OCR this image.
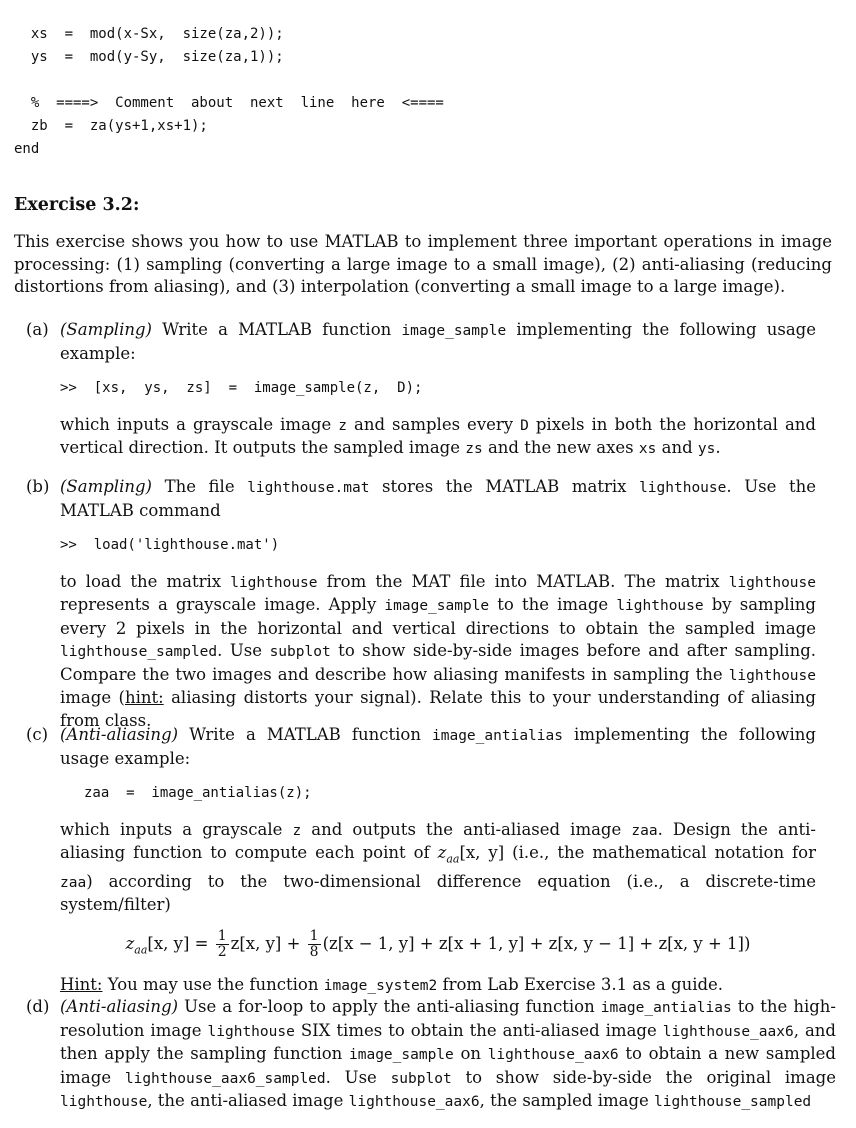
xs  =  mod(x-Sx,  size(za,2));
ys  =  mod(y-Sy,  size(za,1));

%  ====>  Comment  about  next  line  here  <====
zb  =  za(ys+1,xs+1);
end
Exercise 3.2:
This exercise shows you how to use MATLAB to implement three important operations in image processing: (1) sampling (converting a large image to a small image), (2) anti-aliasing (reducing distortions from aliasing), and (3) interpolation (converting a small image to a large image).
(a) (Sampling) Write a MATLAB function image_sample implementing the following usage example:

>>  [xs,  ys,  zs]  =  image_sample(z,  D);

which inputs a grayscale image z and samples every D pixels in both the horizontal and vertical direction. It outputs the sampled image zs and the new axes xs and ys.

(b) (Sampling) The file lighthouse.mat stores the MATLAB matrix lighthouse. Use the MATLAB command

>>  load('lighthouse.mat')

to load the matrix lighthouse from the MAT file into MATLAB. The matrix lighthouse represents a grayscale image. Apply image_sample to the image lighthouse by sampling every 2 pixels in the horizontal and vertical directions to obtain the sampled image lighthouse_sampled. Use subplot to show side-by-side images before and after sampling. Compare the two images and describe how aliasing manifests in sampling the lighthouse image (hint: aliasing distorts your signal). Relate this to your understanding of aliasing from class.

(c) (Anti-aliasing) Write a MATLAB function image_antialias implementing the following usage example:

zaa  =  image_antialias(z);

which inputs a grayscale z and outputs the anti-aliased image zaa. Design the anti-aliasing function to compute each point of $z_{aa}[x$, y] (i.e., the mathematical notation for zaa) according to the two-dimensional difference equation (i.e., a discrete-time system/filter)

$z_{aa}[x$, $y] = \frac{1}{2} z[x$, $y] + \frac{1}{8} (z[x - 1$, y] + z[x + 1, y] + z[x, y − 1] + z[x, y + 1])

Hint: You may use the function image_system2 from Lab Exercise 3.1 as a guide.

(d) (Anti-aliasing) Use a for-loop to apply the anti-aliasing function image_antialias to the high-resolution image lighthouse SIX times to obtain the anti-aliased image lighthouse_aax6, and then apply the sampling function image_sample on lighthouse_aax6 to obtain a new sampled image lighthouse_aax6_sampled. Use subplot to show side-by-side the original image lighthouse, the anti-aliased image lighthouse_aax6, the sampled image lighthouse_sampled
